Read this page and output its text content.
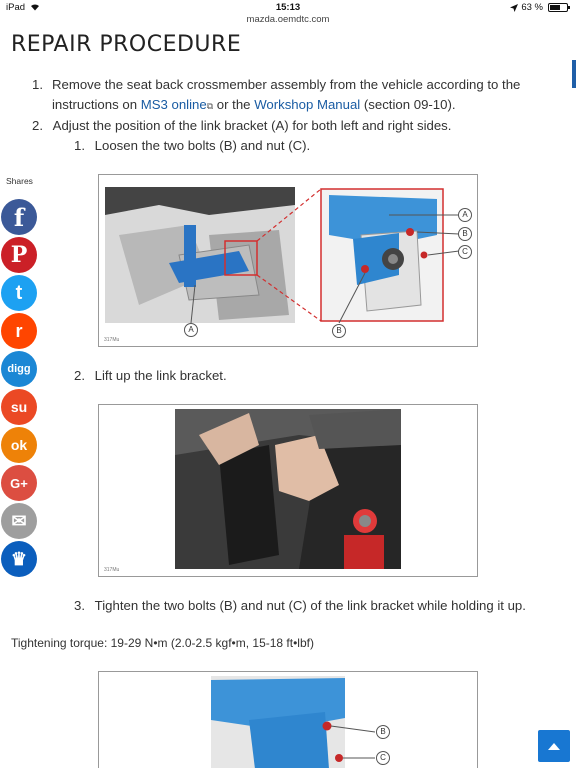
iPad	15:13	63 %
mazda.oemdtc.com
REPAIR PROCEDURE
1. Remove the seat back crossmember assembly from the vehicle according to the instructions on MS3 online⧉ or the Workshop Manual (section 09-10).
2. Adjust the position of the link bracket (A) for both left and right sides.
1. Loosen the two bolts (B) and nut (C).
Shares
f
P
t
r
digg
su
ok
G+
✉
♛
A
B
C
A	B
317Mu
2. Lift up the link bracket.
317Mu
3. Tighten the two bolts (B) and nut (C) of the link bracket while holding it up.
Tightening torque: 19-29 N•m (2.0-2.5 kgf•m, 15-18 ft•lbf)
B
C
